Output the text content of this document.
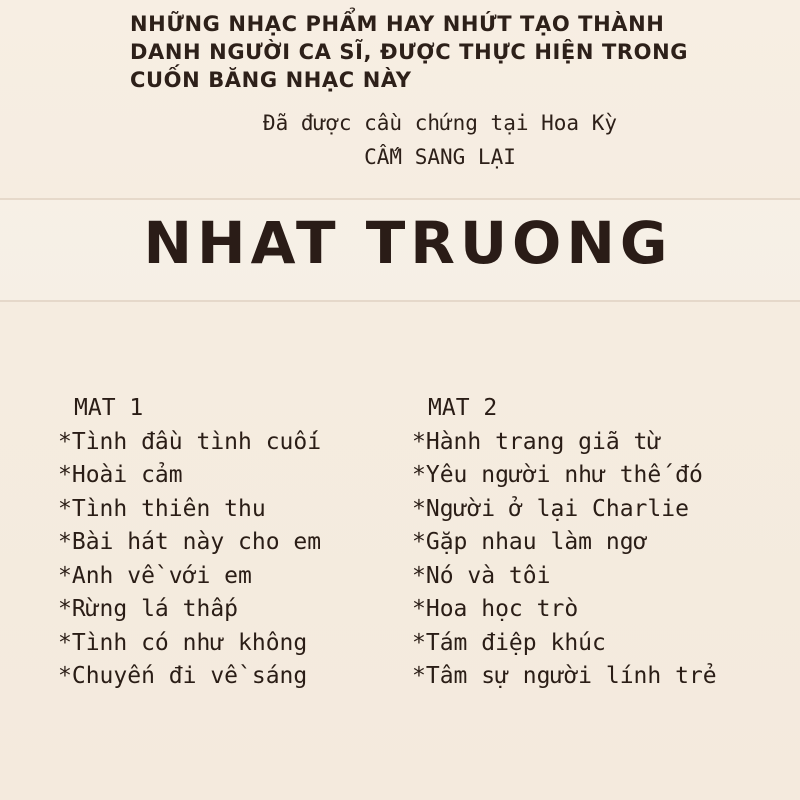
NHỮNG NHẠC PHẨM HAY NHỨT TẠO THÀNH
DANH NGƯỜI CA SĨ, ĐƯỢC THỰC HIỆN TRONG
CUỐN BĂNG NHẠC NÀY
Đã được cầu chứng tại Hoa Kỳ
CẤM SANG LẠI
NHAT TRUONG
MAT 1
*Tình đầu tình cuối
*Hoài cảm
*Tình thiên thu
*Bài hát này cho em
*Anh về với em
*Rừng lá thấp
*Tình có như không
*Chuyến đi về sáng
MAT 2
*Hành trang giã từ
*Yêu người như thế đó
*Người ở lại Charlie
*Gặp nhau làm ngơ
*Nó và tôi
*Hoa học trò
*Tám điệp khúc
*Tâm sự người lính trẻ
